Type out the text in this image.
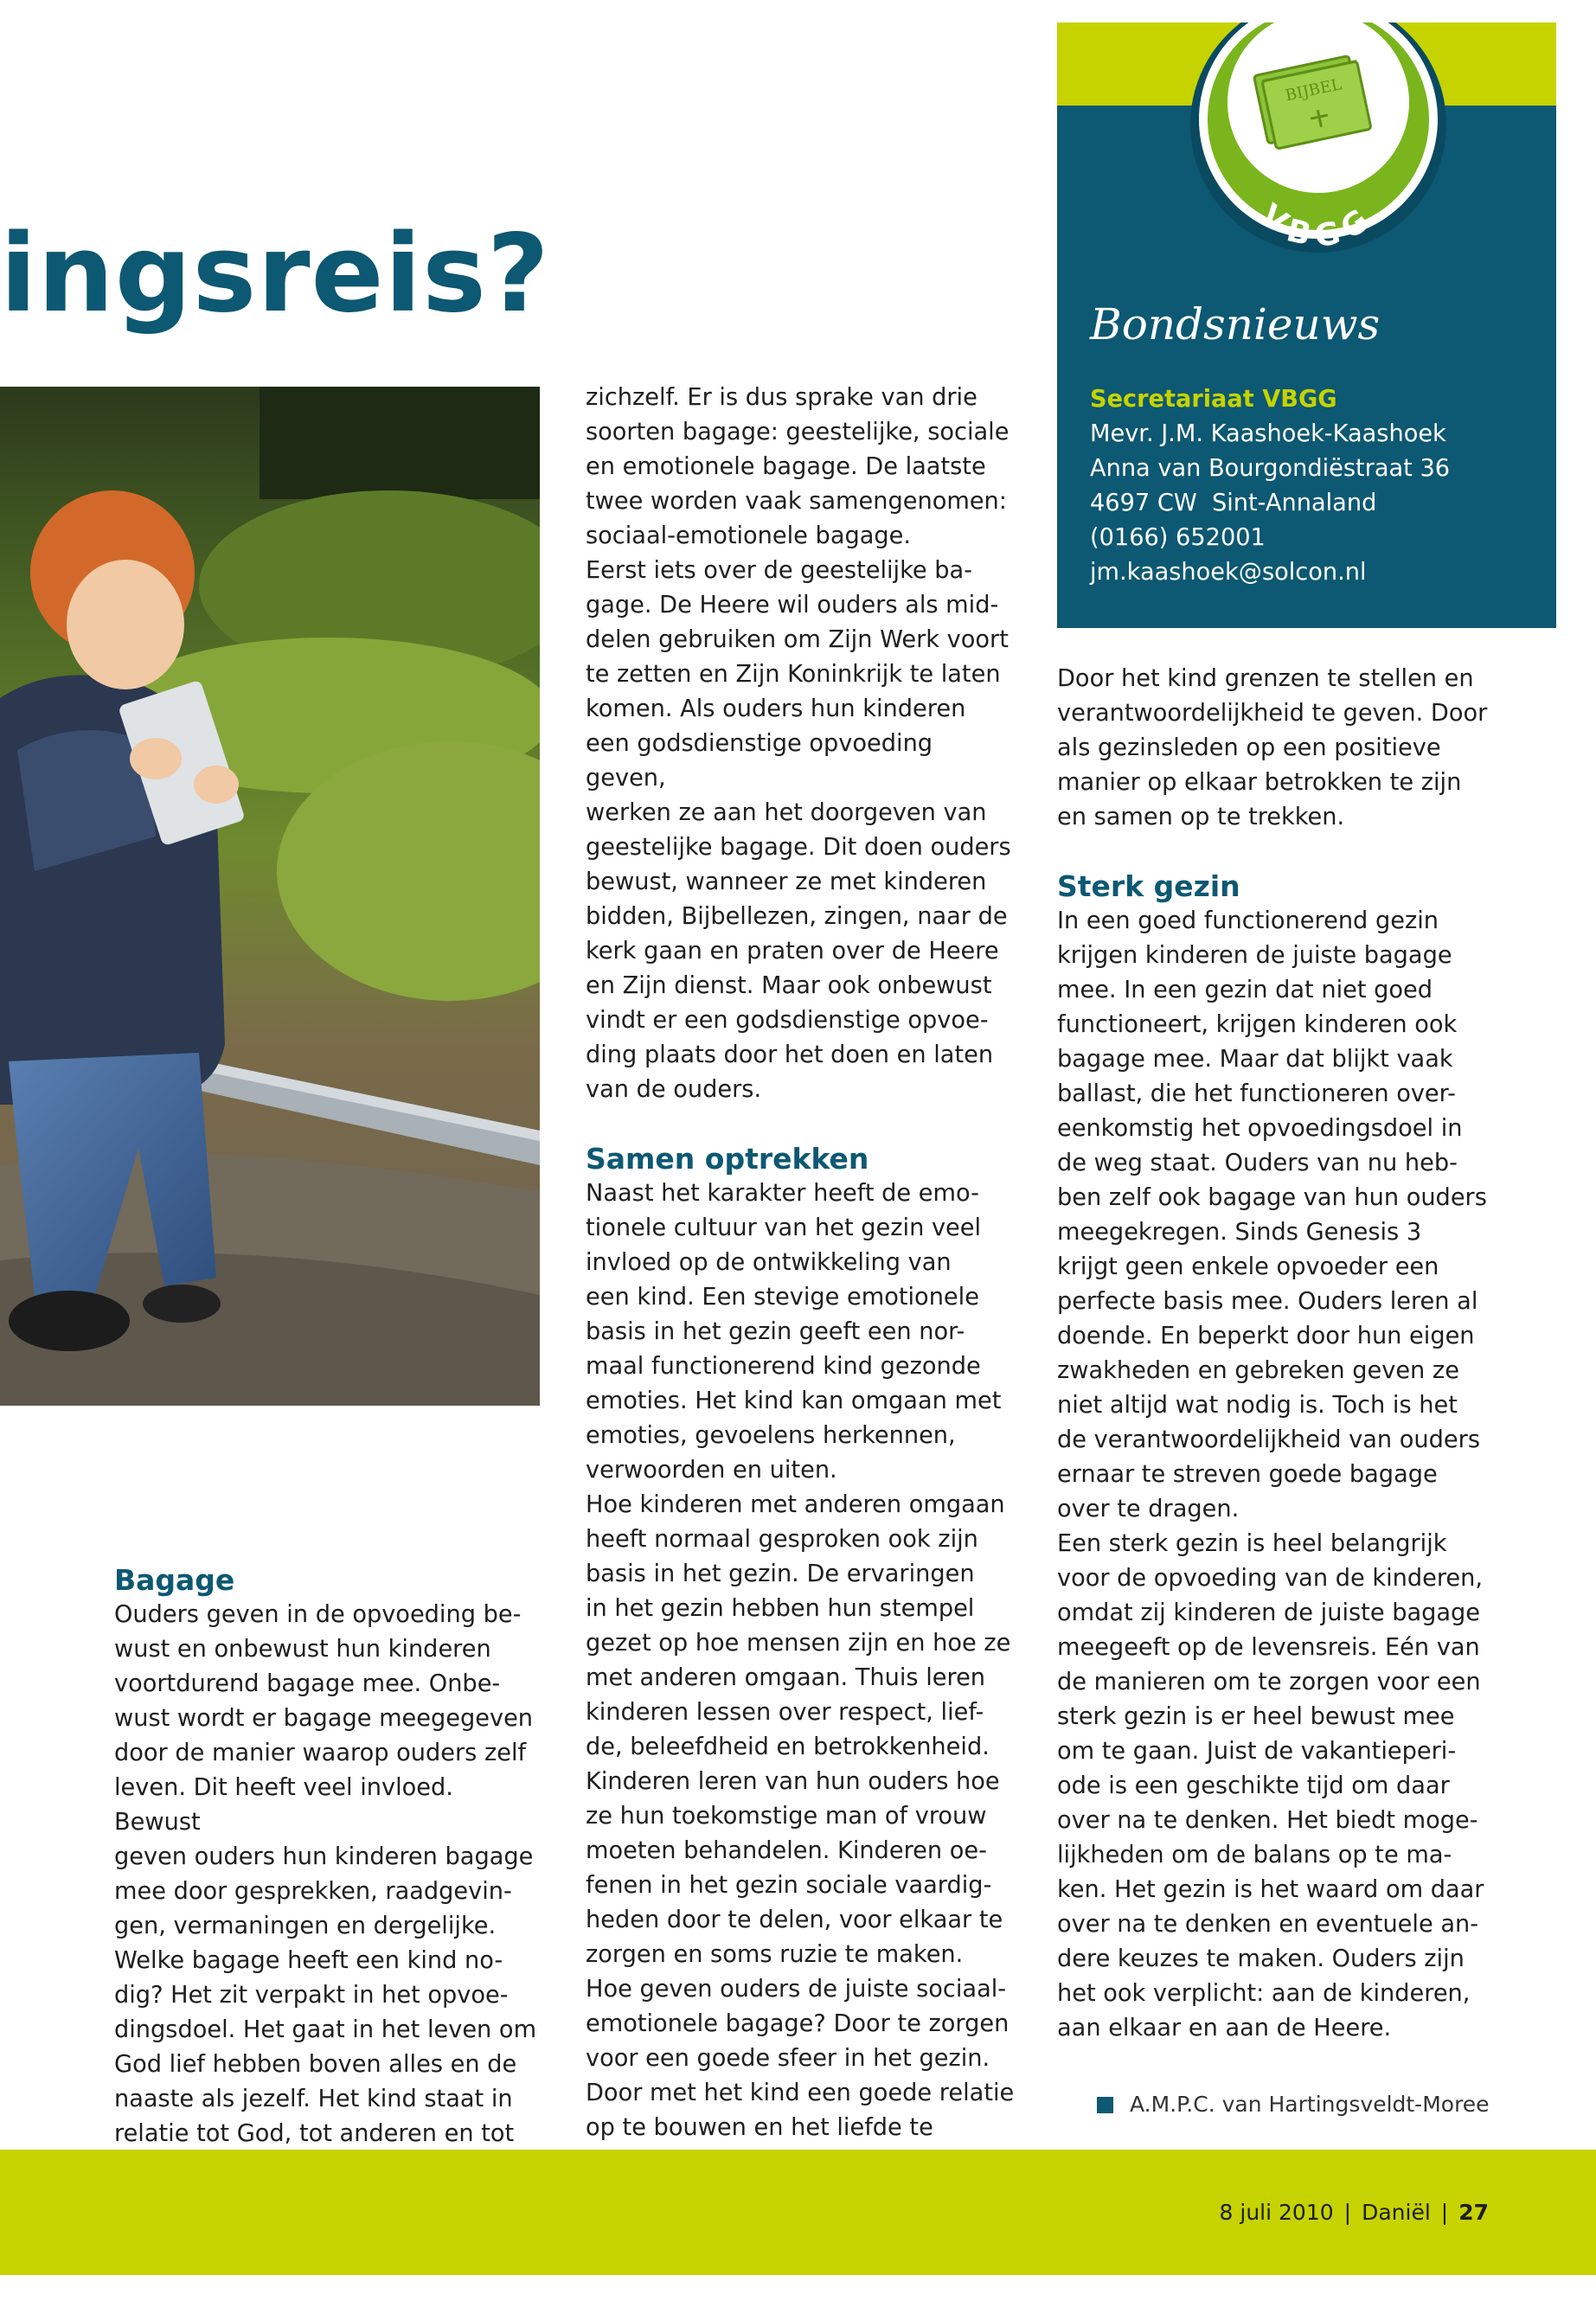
ingsreis?
Bagage

Ouders geven in de opvoeding be-

wust en onbewust hun kinderen

voortdurend bagage mee. Onbe-

wust wordt er bagage meegegeven

door de manier waarop ouders zelf

leven. Dit heeft veel invloed. Bewust

geven ouders hun kinderen bagage

mee door gesprekken, raadgevin-

gen, vermaningen en dergelijke.

Welke bagage heeft een kind no-

dig? Het zit verpakt in het opvoe-

dingsdoel. Het gaat in het leven om

God lief hebben boven alles en de

naaste als jezelf. Het kind staat in

relatie tot God, tot anderen en tot

zichzelf. Er is dus sprake van drie

soorten bagage: geestelijke, sociale

en emotionele bagage. De laatste

twee worden vaak samengenomen:

sociaal-emotionele bagage.

Eerst iets over de geestelijke ba-

gage. De Heere wil ouders als mid-

delen gebruiken om Zijn Werk voort

te zetten en Zijn Koninkrijk te laten

komen. Als ouders hun kinderen

een godsdienstige opvoeding geven,

werken ze aan het doorgeven van

geestelijke bagage. Dit doen ouders

bewust, wanneer ze met kinderen

bidden, Bijbellezen, zingen, naar de

kerk gaan en praten over de Heere

en Zijn dienst. Maar ook onbewust

vindt er een godsdienstige opvoe-

ding plaats door het doen en laten

van de ouders.

Samen optrekken

Naast het karakter heeft de emo-

tionele cultuur van het gezin veel

invloed op de ontwikkeling van

een kind. Een stevige emotionele

basis in het gezin geeft een nor-

maal functionerend kind gezonde

emoties. Het kind kan omgaan met

emoties, gevoelens herkennen,

verwoorden en uiten.

Hoe kinderen met anderen omgaan

heeft normaal gesproken ook zijn

basis in het gezin. De ervaringen

in het gezin hebben hun stempel

gezet op hoe mensen zijn en hoe ze

met anderen omgaan. Thuis leren

kinderen lessen over respect, lief-

de, beleefdheid en betrokkenheid.

Kinderen leren van hun ouders hoe

ze hun toekomstige man of vrouw

moeten behandelen. Kinderen oe-

fenen in het gezin sociale vaardig-

heden door te delen, voor elkaar te

zorgen en soms ruzie te maken.

Hoe geven ouders de juiste sociaal-

emotionele bagage? Door te zorgen

voor een goede sfeer in het gezin.

Door met het kind een goede relatie

op te bouwen en het liefde te

BIJBEL
VBGG
Bondsnieuws
Secretariaat VBGG
Mevr. J.M. Kaashoek-Kaashoek
Anna van Bourgondiëstraat 36
4697 CW  Sint-Annaland
(0166) 652001
jm.kaashoek@solcon.nl

Door het kind grenzen te stellen en

verantwoordelijkheid te geven. Door

als gezinsleden op een positieve

manier op elkaar betrokken te zijn

en samen op te trekken.

Sterk gezin

In een goed functionerend gezin

krijgen kinderen de juiste bagage

mee. In een gezin dat niet goed

functioneert, krijgen kinderen ook

bagage mee. Maar dat blijkt vaak

ballast, die het functioneren over-

eenkomstig het opvoedingsdoel in

de weg staat. Ouders van nu heb-

ben zelf ook bagage van hun ouders

meegekregen. Sinds Genesis 3

krijgt geen enkele opvoeder een

perfecte basis mee. Ouders leren al

doende. En beperkt door hun eigen

zwakheden en gebreken geven ze

niet altijd wat nodig is. Toch is het

de verantwoordelijkheid van ouders

ernaar te streven goede bagage

over te dragen.

Een sterk gezin is heel belangrijk

voor de opvoeding van de kinderen,

omdat zij kinderen de juiste bagage

meegeeft op de levensreis. Eén van

de manieren om te zorgen voor een

sterk gezin is er heel bewust mee

om te gaan. Juist de vakantieperi-

ode is een geschikte tijd om daar

over na te denken. Het biedt moge-

lijkheden om de balans op te ma-

ken. Het gezin is het waard om daar

over na te denken en eventuele an-

dere keuzes te maken. Ouders zijn

het ook verplicht: aan de kinderen,

aan elkaar en aan de Heere.

A.M.P.C. van Hartingsveldt-Moree
8 juli 2010 | Daniël | 27
